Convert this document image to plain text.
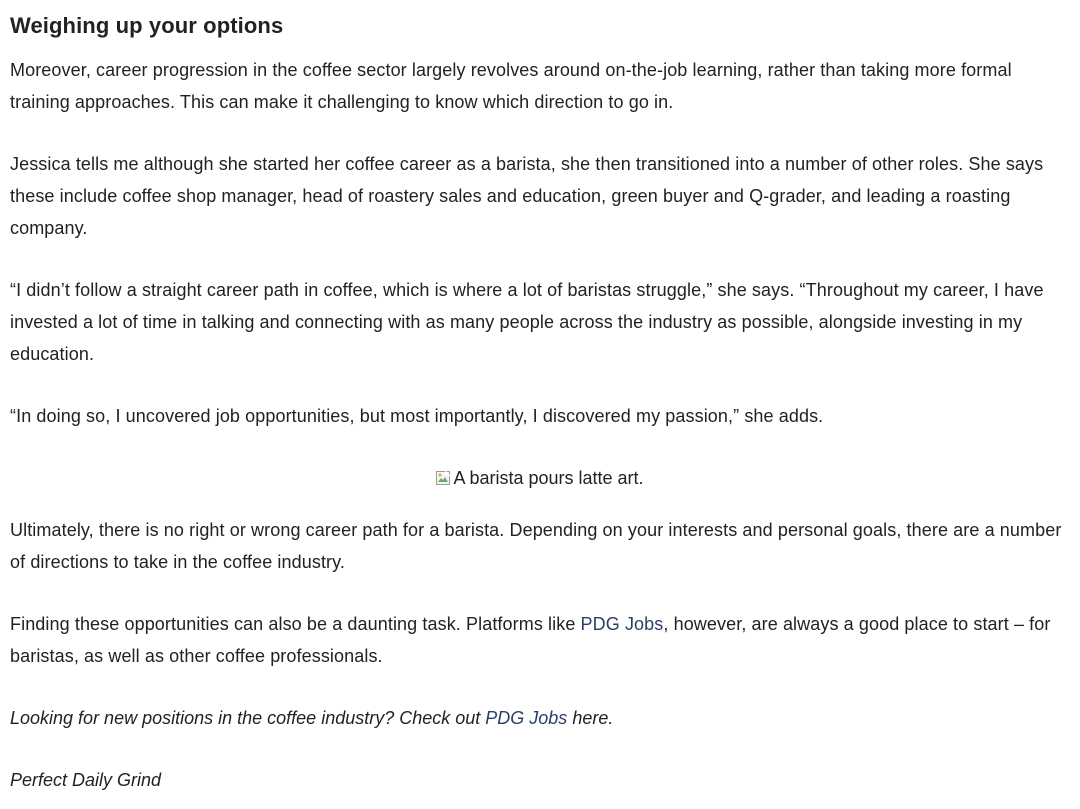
Weighing up your options

Moreover, career progression in the coffee sector largely revolves around on-the-job learning, rather than taking more formal training approaches. This can make it challenging to know which direction to go in.

Jessica tells me although she started her coffee career as a barista, she then transitioned into a number of other roles. She says these include coffee shop manager, head of roastery sales and education, green buyer and Q-grader, and leading a roasting company.

“I didn’t follow a straight career path in coffee, which is where a lot of baristas struggle,” she says. “Throughout my career, I have invested a lot of time in talking and connecting with as many people across the industry as possible, alongside investing in my education.

“In doing so, I uncovered job opportunities, but most importantly, I discovered my passion,” she adds.

A barista pours latte art.

Ultimately, there is no right or wrong career path for a barista. Depending on your interests and personal goals, there are a number of directions to take in the coffee industry.

Finding these opportunities can also be a daunting task. Platforms like PDG Jobs, however, are always a good place to start – for baristas, as well as other coffee professionals.

Looking for new positions in the coffee industry? Check out PDG Jobs here.

Perfect Daily Grind
